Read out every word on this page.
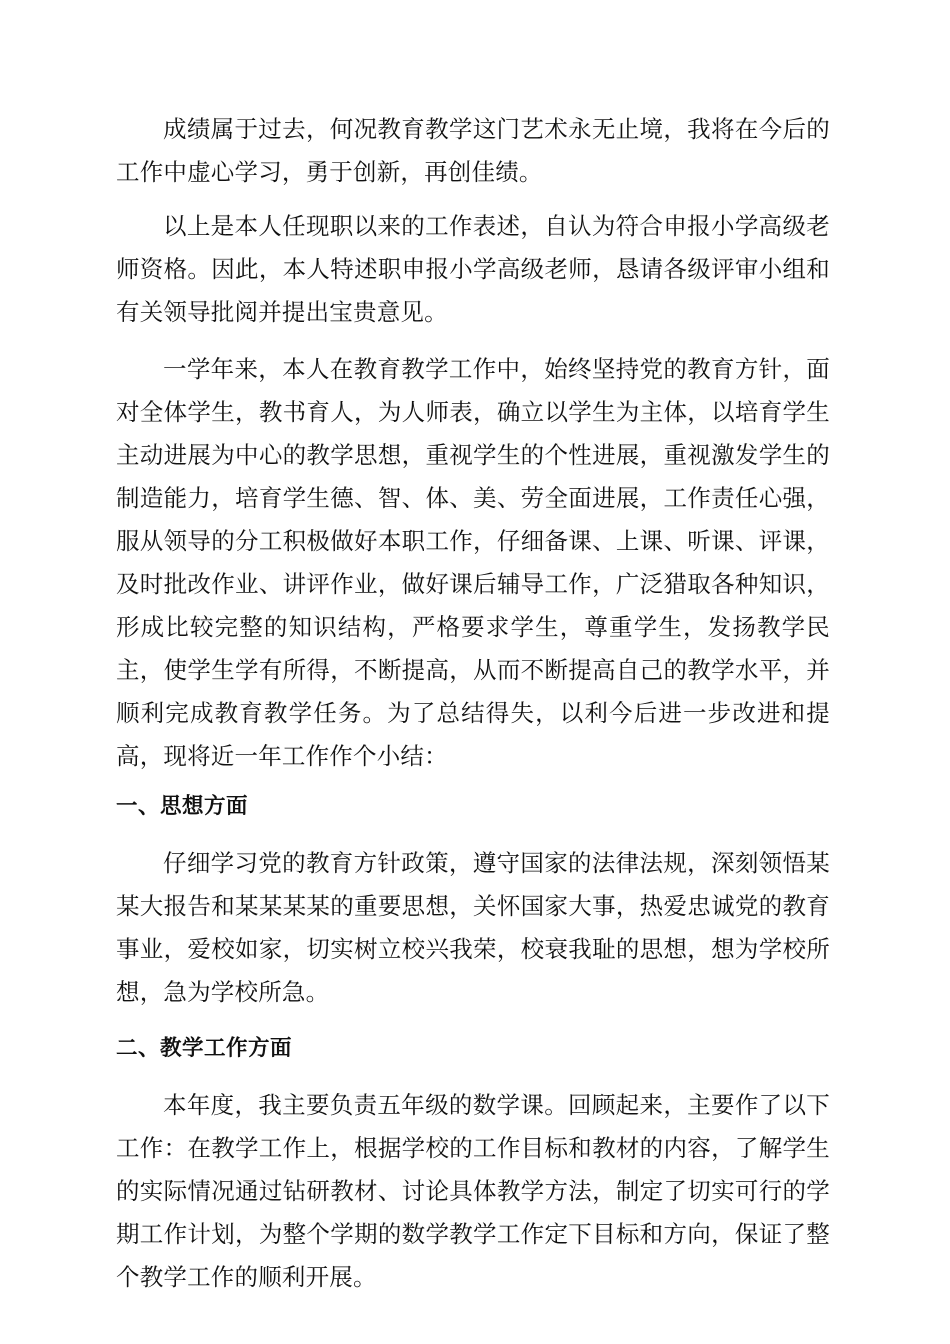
成绩属于过去，何况教育教学这门艺术永无止境，我将在今后的工作中虚心学习，勇于创新，再创佳绩。

以上是本人任现职以来的工作表述，自认为符合申报小学高级老师资格。因此，本人特述职申报小学高级老师，恳请各级评审小组和有关领导批阅并提出宝贵意见。

一学年来，本人在教育教学工作中，始终坚持党的教育方针，面对全体学生，教书育人，为人师表，确立以学生为主体，以培育学生主动进展为中心的教学思想，重视学生的个性进展，重视激发学生的制造能力，培育学生德、智、体、美、劳全面进展，工作责任心强，服从领导的分工积极做好本职工作，仔细备课、上课、听课、评课，及时批改作业、讲评作业，做好课后辅导工作，广泛猎取各种知识，形成比较完整的知识结构，严格要求学生，尊重学生，发扬教学民主，使学生学有所得，不断提高，从而不断提高自己的教学水平，并顺利完成教育教学任务。为了总结得失，以利今后进一步改进和提高，现将近一年工作作个小结：

一、思想方面

仔细学习党的教育方针政策，遵守国家的法律法规，深刻领悟某某大报告和某某某某的重要思想，关怀国家大事，热爱忠诚党的教育事业，爱校如家，切实树立校兴我荣，校衰我耻的思想，想为学校所想，急为学校所急。

二、教学工作方面

本年度，我主要负责五年级的数学课。回顾起来，主要作了以下工作：在教学工作上，根据学校的工作目标和教材的内容，了解学生的实际情况通过钻研教材、讨论具体教学方法，制定了切实可行的学期工作计划，为整个学期的数学教学工作定下目标和方向，保证了整个教学工作的顺利开展。
